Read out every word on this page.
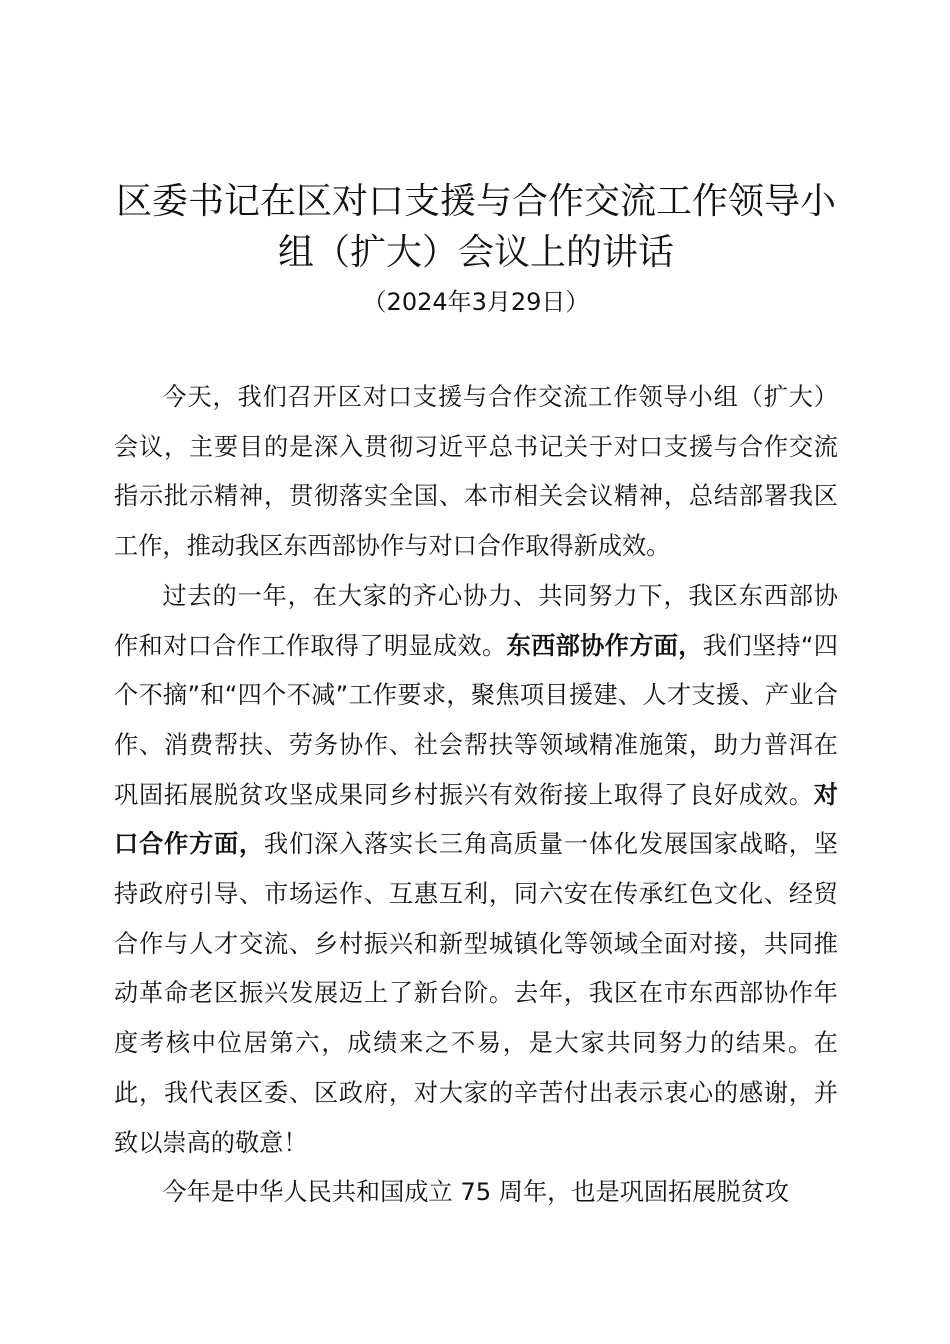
区委书记在区对口支援与合作交流工作领导小组（扩大）会议上的讲话

（2024年3月29日）

今天，我们召开区对口支援与合作交流工作领导小组（扩大）会议，主要目的是深入贯彻习近平总书记关于对口支援与合作交流指示批示精神，贯彻落实全国、本市相关会议精神，总结部署我区工作，推动我区东西部协作与对口合作取得新成效。

过去的一年，在大家的齐心协力、共同努力下，我区东西部协作和对口合作工作取得了明显成效。东西部协作方面，我们坚持“四个不摘”和“四个不减”工作要求，聚焦项目援建、人才支援、产业合作、消费帮扶、劳务协作、社会帮扶等领域精准施策，助力普洱在巩固拓展脱贫攻坚成果同乡村振兴有效衔接上取得了良好成效。对口合作方面，我们深入落实长三角高质量一体化发展国家战略，坚持政府引导、市场运作、互惠互利，同六安在传承红色文化、经贸合作与人才交流、乡村振兴和新型城镇化等领域全面对接，共同推动革命老区振兴发展迈上了新台阶。去年，我区在市东西部协作年度考核中位居第六，成绩来之不易，是大家共同努力的结果。在此，我代表区委、区政府，对大家的辛苦付出表示衷心的感谢，并致以崇高的敬意！

今年是中华人民共和国成立 75 周年，也是巩固拓展脱贫攻
